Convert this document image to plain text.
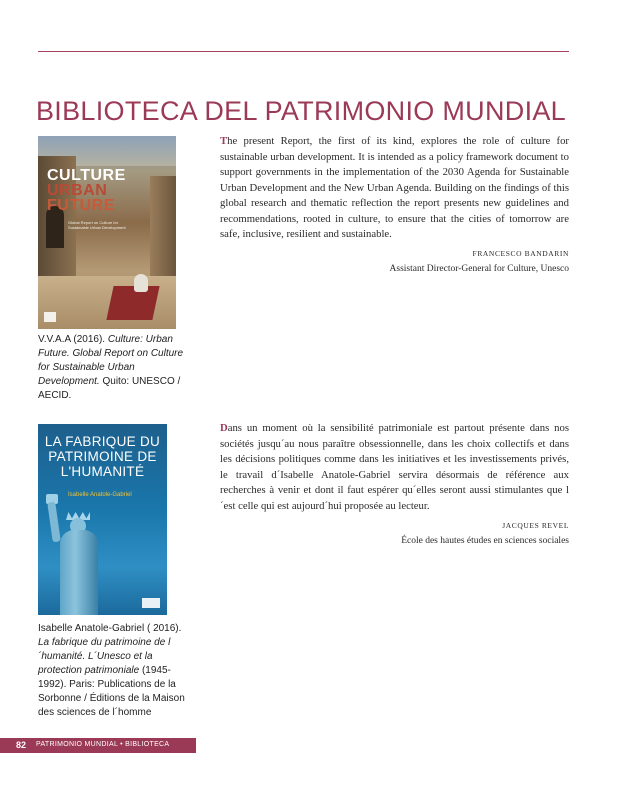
BIBLIOTECA DEL PATRIMONIO MUNDIAL
CULTURE
URBAN
FUTURE
Global Report on Culture for Sustainable Urban Development
V.V.A.A (2016). Culture: Urban Future. Global Report on Culture for Sustainable Urban Development. Quito: UNESCO / AECID.
LA FABRIQUE DU PATRIMOINE DE L'HUMANITÉ
Isabelle Anatole-Gabriel
Isabelle Anatole-Gabriel ( 2016). La fabrique du patrimoine de l´humanité. L´Unesco et la protection patrimoniale (1945-1992). Paris: Publications de la Sorbonne / Éditions de la Maison des sciences de l´homme
The present Report, the first of its kind, explores the role of culture for sustainable urban development. It is intended as a policy framework document to support governments in the implementation of the 2030 Agenda for Sustainable Urban Development and the New Urban Agenda. Building on the findings of this global research and thematic reflection the report presents new guidelines and recommendations, rooted in culture, to ensure that the cities of tomorrow are safe, inclusive, resilient and sustainable.
FRANCESCO BANDARIN
Assistant Director-General for Culture, Unesco
Dans un moment où la sensibilité patrimoniale est partout présente dans nos sociétés jusqu´au nous paraître obsessionnelle, dans les choix collectifs et dans les décisions politiques comme dans les initiatives et les investissements privés, le travail d´Isabelle Anatole-Gabriel servira désormais de référence aux recherches à venir et dont il faut espérer qu´elles seront aussi stimulantes que l´est celle qui est aujourd´hui proposée au lecteur.
JACQUES REVEL
École des hautes études en sciences sociales
82 PATRIMONIO MUNDIAL • BIBLIOTECA
